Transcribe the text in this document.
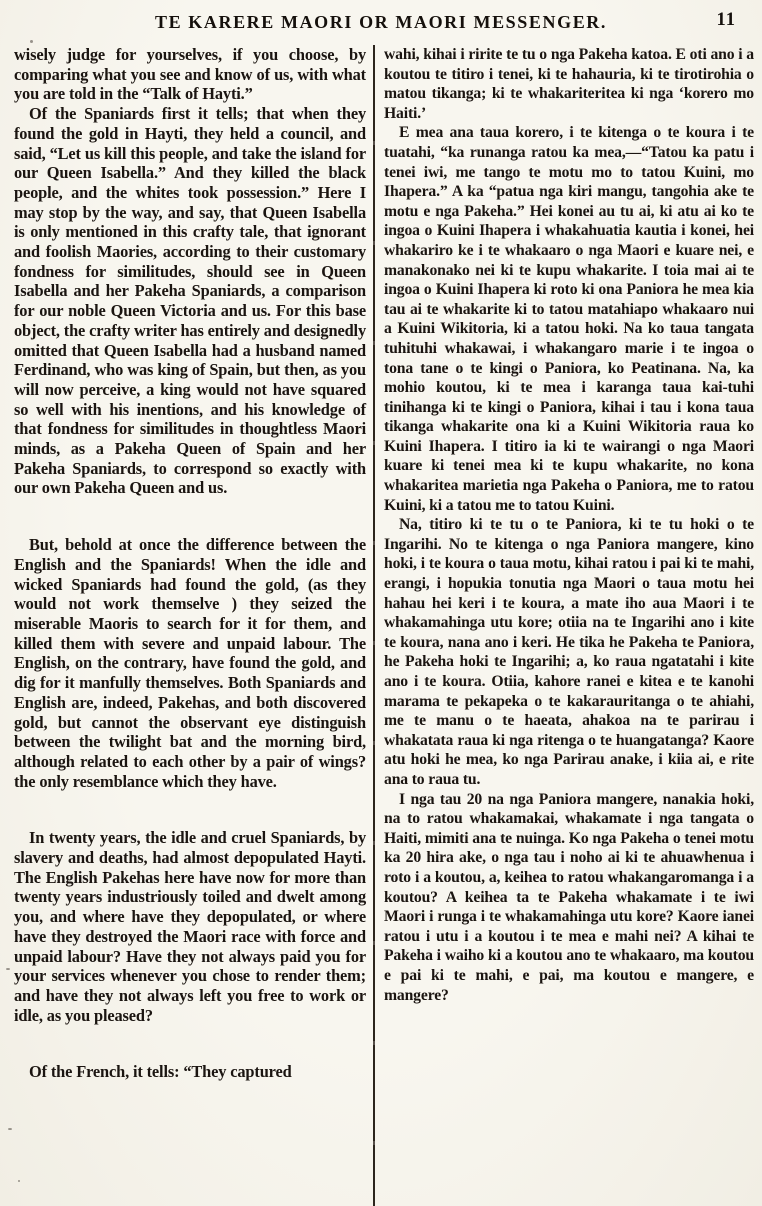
TE KARERE MAORI OR MAORI MESSENGER.	11

wisely judge for yourselves, if you choose, by comparing what you see and know of us, with what you are told in the “Talk of Hayti.”

Of the Spaniards first it tells; that when they found the gold in Hayti, they held a council, and said, “Let us kill this people, and take the island for our Queen Isabella.” And they killed the black people, and the whites took possession.” Here I may stop by the way, and say, that Queen Isabella is only mentioned in this crafty tale, that ignorant and foolish Maories, according to their customary fondness for similitudes, should see in Queen Isabella and her Pakeha Spaniards, a comparison for our noble Queen Victoria and us. For this base object, the crafty writer has entirely and designedly omitted that Queen Isabella had a husband named Ferdinand, who was king of Spain, but then, as you will now perceive, a king would not have squared so well with his inentions, and his knowledge of that fondness for similitudes in thoughtless Maori minds, as a Pakeha Queen of Spain and her Pakeha Spaniards, to correspond so exactly with our own Pakeha Queen and us.

But, behold at once the difference between the English and the Spaniards! When the idle and wicked Spaniards had found the gold, (as they would not work themselve ) they seized the miserable Maoris to search for it for them, and killed them with severe and unpaid labour. The English, on the contrary, have found the gold, and dig for it manfully themselves. Both Spaniards and English are, indeed, Pakehas, and both discovered gold, but cannot the observant eye distinguish between the twilight bat and the morning bird, although related to each other by a pair of wings? the only resemblance which they have.

In twenty years, the idle and cruel Spaniards, by slavery and deaths, had almost depopulated Hayti. The English Pakehas here have now for more than twenty years industriously toiled and dwelt among you, and where have they depopulated, or where have they destroyed the Maori race with force and unpaid labour? Have they not always paid you for your services whenever you chose to render them; and have they not always left you free to work or idle, as you pleased?

Of the French, it tells: “They captured

wahi, kihai i ririte te tu o nga Pakeha katoa. E oti ano i a koutou te titiro i tenei, ki te hahauria, ki te tirotirohia o matou tikanga; ki te whakariteritea ki nga ‘korero mo Haiti.’

E mea ana taua korero, i te kitenga o te koura i te tuatahi, “ka runanga ratou ka mea,—“Tatou ka patu i tenei iwi, me tango te motu mo to tatou Kuini, mo Ihapera.” A ka “patua nga kiri mangu, tangohia ake te motu e nga Pakeha.” Hei konei au tu ai, ki atu ai ko te ingoa o Kuini Ihapera i whakahuatia kautia i konei, hei whakariro ke i te whakaaro o nga Maori e kuare nei, e manakonako nei ki te kupu whakarite. I toia mai ai te ingoa o Kuini Ihapera ki roto ki ona Paniora he mea kia tau ai te whakarite ki to tatou matahiapo whakaaro nui a Kuini Wikitoria, ki a tatou hoki. Na ko taua tangata tuhituhi whakawai, i whakangaro marie i te ingoa o tona tane o te kingi o Paniora, ko Peatinana. Na, ka mohio koutou, ki te mea i karanga taua kai-tuhi tinihanga ki te kingi o Paniora, kihai i tau i kona taua tikanga whakarite ona ki a Kuini Wikitoria raua ko Kuini Ihapera. I titiro ia ki te wairangi o nga Maori kuare ki tenei mea ki te kupu whakarite, no kona whakaritea marietia nga Pakeha o Paniora, me to ratou Kuini, ki a tatou me to tatou Kuini.

Na, titiro ki te tu o te Paniora, ki te tu hoki o te Ingarihi. No te kitenga o nga Paniora mangere, kino hoki, i te koura o taua motu, kihai ratou i pai ki te mahi, erangi, i hopukia tonutia nga Maori o taua motu hei hahau hei keri i te koura, a mate iho aua Maori i te whakamahinga utu kore; otiia na te Ingarihi ano i kite te koura, nana ano i keri. He tika he Pakeha te Paniora, he Pakeha hoki te Ingarihi; a, ko raua ngatatahi i kite ano i te koura. Otiia, kahore ranei e kitea e te kanohi marama te pekapeka o te kakarauritanga o te ahiahi, me te manu o te haeata, ahakoa na te parirau i whakatata raua ki nga ritenga o te huangatanga? Kaore atu hoki he mea, ko nga Parirau anake, i kiia ai, e rite ana to raua tu.

I nga tau 20 na nga Paniora mangere, nanakia hoki, na to ratou whakamakai, whakamate i nga tangata o Haiti, mimiti ana te nuinga. Ko nga Pakeha o tenei motu ka 20 hira ake, o nga tau i noho ai ki te ahuawhenua i roto i a koutou, a, keihea to ratou whakangaromanga i a koutou? A keihea ta te Pakeha whakamate i te iwi Maori i runga i te whakamahinga utu kore? Kaore ianei ratou i utu i a koutou i te mea e mahi nei? A kihai te Pakeha i waiho ki a koutou ano te whakaaro, ma koutou e pai ki te mahi, e pai, ma koutou e mangere, e mangere?
